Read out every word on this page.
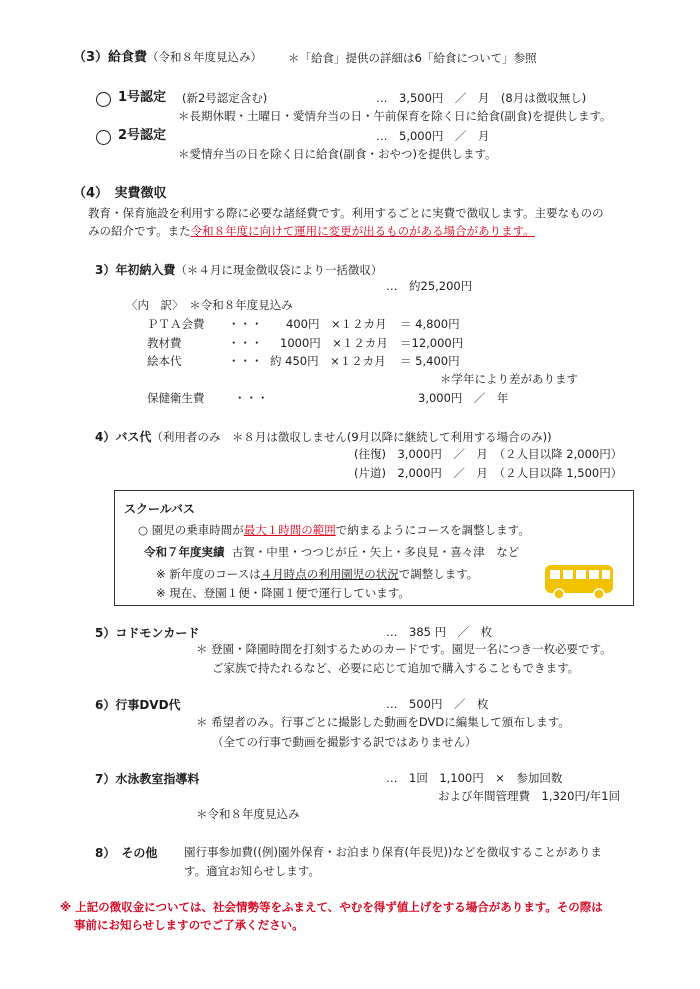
（3）給食費（令和８年度見込み） ＊「給食」提供の詳細は6「給食について」参照
1号認定 (新2号認定含む)	…　3,500円　／　月　(8月は徴収無し)
＊長期休暇・土曜日・愛情弁当の日・午前保育を除く日に給食(副食)を提供します。
2号認定	…　5,000円　／　月
＊愛情弁当の日を除く日に給食(副食・おやつ)を提供します。
（4）　実費徴収
教育・保育施設を利用する際に必要な諸経費です。利用するごとに実費で徴収します。主要なものの
みの紹介です。また令和８年度に向けて運用に変更が出るものがある場合があります。
3）年初納入費（＊４月に現金徴収袋により一括徴収）
…　約25,200円
〈内　訳〉　＊令和８年度見込み
ＰＴＡ会費 ・・・ 400円　×１２カ月 ＝ 4,800円
教材費	・・・ 1000円　×１２カ月 ＝12,000円
絵本代	・・・ 約 450円　×１２カ月 ＝ 5,400円
＊学年により差があります
保健衛生費	・・・	3,000円　／　年
4）バス代（利用者のみ　＊８月は徴収しません(9月以降に継続して利用する場合のみ))
(往復)　3,000円　／　月　（２人目以降 2,000円）
(片道)　2,000円　／　月　（２人目以降 1,500円）
スクールバス
○ 園児の乗車時間が最大１時間の範囲で納まるようにコースを調整します。
令和７年度実績 古賀・中里・つつじが丘・矢上・多良見・喜々津　など
※ 新年度のコースは４月時点の利用園児の状況で調整します。
※ 現在、登園１便・降園１便で運行しています。
5）コドモンカード	…　385 円　／　枚
＊ 登園・降園時間を打刻するためのカードです。園児一名につき一枚必要です。
ご家族で持たれるなど、必要に応じて追加で購入することもできます。
6）行事DVD代	…　500円　／　枚
＊ 希望者のみ。行事ごとに撮影した動画をDVDに編集して頒布します。
（全ての行事で動画を撮影する訳ではありません）
7）水泳教室指導料	…　1回　1,100円　×　参加回数
および年間管理費　1,320円/年1回
＊令和８年度見込み
8）　その他 園行事参加費((例)園外保育・お泊まり保育(年長児))などを徴収することがありま
す。適宜お知らせします。
※ 上記の徴収金については、社会情勢等をふまえて、やむを得ず値上げをする場合があります。その際は
事前にお知らせしますのでご了承ください。
